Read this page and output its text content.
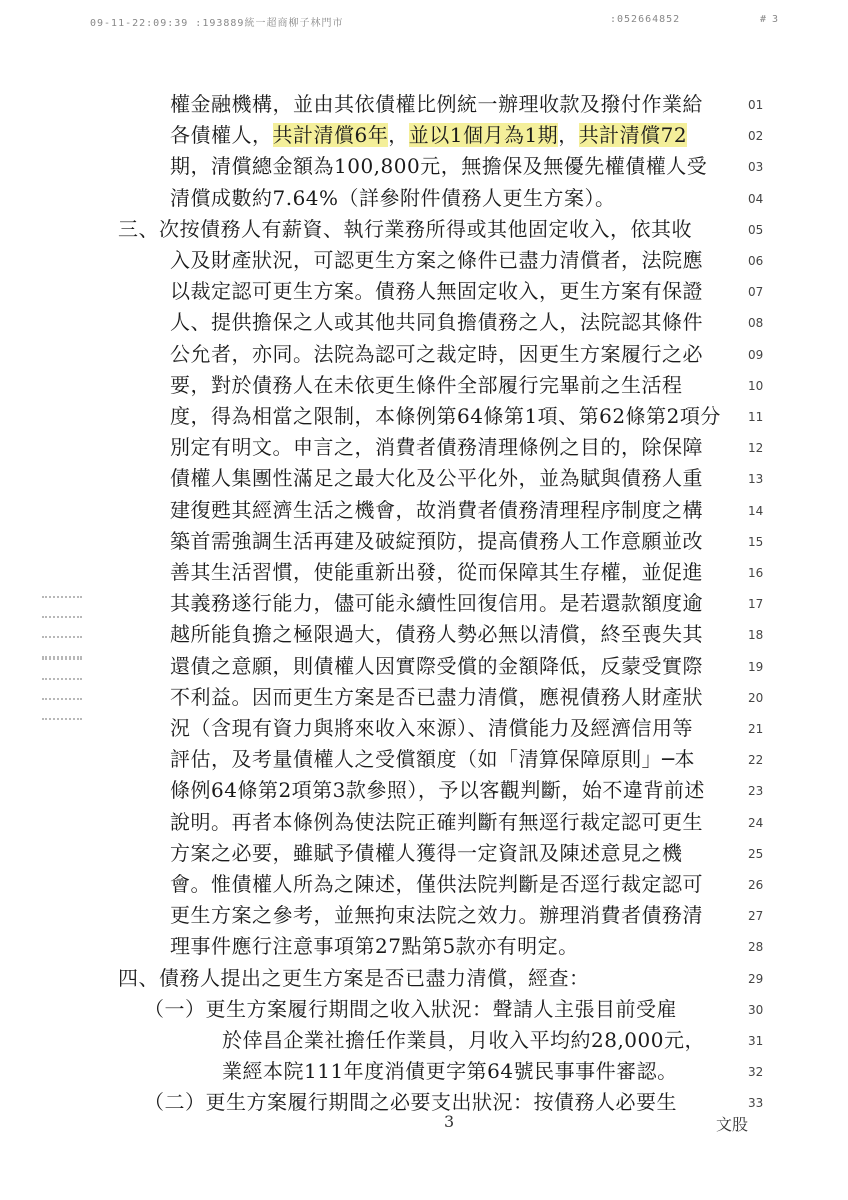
09-11-22:09:39 :193889統一超商柳子林門市	:052664852	# 3
權金融機構，並由其依債權比例統一辦理收款及撥付作業給	01
各債權人，共計清償6年，並以1個月為1期，共計清償72	02
期，清償總金額為100,800元，無擔保及無優先權債權人受	03
清償成數約7.64%（詳參附件債務人更生方案）。	04
三、次按債務人有薪資、執行業務所得或其他固定收入，依其收	05
入及財產狀況，可認更生方案之條件已盡力清償者，法院應	06
以裁定認可更生方案。債務人無固定收入，更生方案有保證	07
人、提供擔保之人或其他共同負擔債務之人，法院認其條件	08
公允者，亦同。法院為認可之裁定時，因更生方案履行之必	09
要，對於債務人在未依更生條件全部履行完畢前之生活程	10
度，得為相當之限制，本條例第64條第1項、第62條第2項分 11
別定有明文。申言之，消費者債務清理條例之目的，除保障	12
債權人集團性滿足之最大化及公平化外，並為賦與債務人重	13
建復甦其經濟生活之機會，故消費者債務清理程序制度之構	14
築首需強調生活再建及破綻預防，提高債務人工作意願並改	15
善其生活習慣，使能重新出發，從而保障其生存權，並促進	16
其義務遂行能力，儘可能永續性回復信用。是若還款額度逾	17
越所能負擔之極限過大，債務人勢必無以清償，終至喪失其	18
還債之意願，則債權人因實際受償的金額降低，反蒙受實際	19
不利益。因而更生方案是否已盡力清償，應視債務人財產狀	20
況（含現有資力與將來收入來源）、清償能力及經濟信用等	21
評估，及考量債權人之受償額度（如「清算保障原則」─本	22
條例64條第2項第3款參照），予以客觀判斷，始不違背前述	23
說明。再者本條例為使法院正確判斷有無逕行裁定認可更生	24
方案之必要，雖賦予債權人獲得一定資訊及陳述意見之機	25
會。惟債權人所為之陳述，僅供法院判斷是否逕行裁定認可	26
更生方案之參考，並無拘束法院之效力。辦理消費者債務清	27
理事件應行注意事項第27點第5款亦有明定。	28
四、債務人提出之更生方案是否已盡力清償，經查：	29
（一）更生方案履行期間之收入狀況：聲請人主張目前受雇	30
於倖昌企業社擔任作業員，月收入平均約28,000元，	31
業經本院111年度消債更字第64號民事事件審認。	32
（二）更生方案履行期間之必要支出狀況：按債務人必要生	33
3	文股
